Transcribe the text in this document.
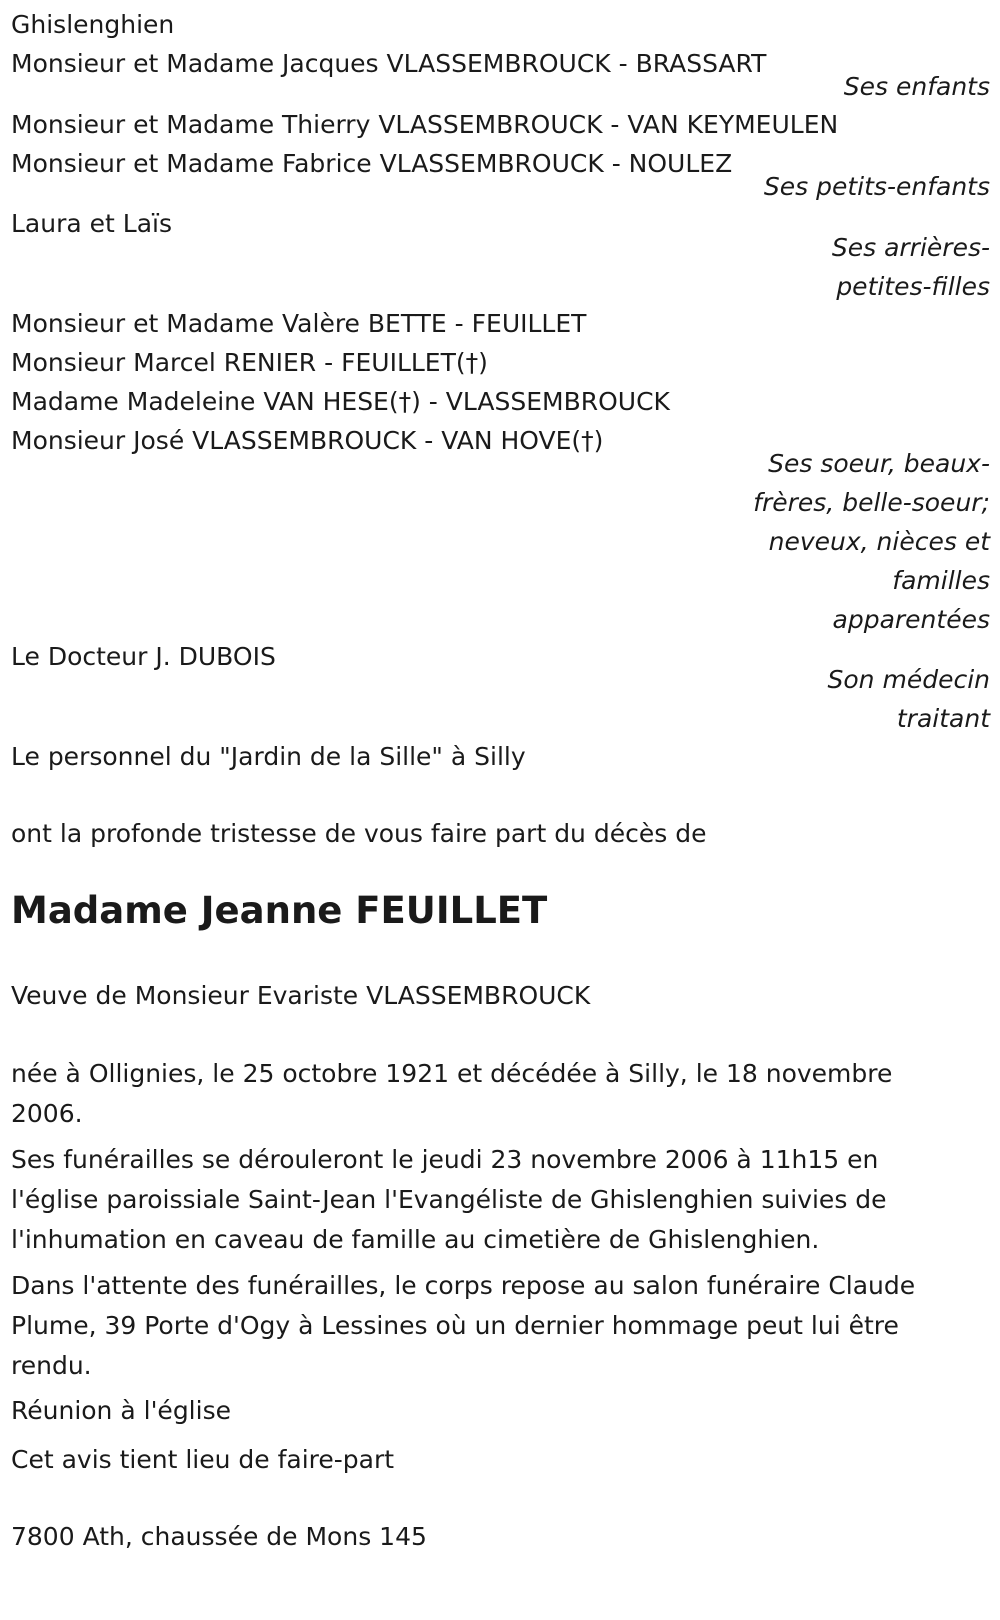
Ghislenghien
Monsieur et Madame Jacques VLASSEMBROUCK - BRASSART
Ses enfants
Monsieur et Madame Thierry VLASSEMBROUCK - VAN KEYMEULEN
Monsieur et Madame Fabrice VLASSEMBROUCK - NOULEZ
Ses petits-enfants
Laura et Laïs
Ses arrières-
petites-filles
Monsieur et Madame Valère BETTE - FEUILLET
Monsieur Marcel RENIER - FEUILLET(†)
Madame Madeleine VAN HESE(†) - VLASSEMBROUCK
Monsieur José VLASSEMBROUCK - VAN HOVE(†)
Ses soeur, beaux-
frères, belle-soeur;
neveux, nièces et
familles
apparentées
Le Docteur J. DUBOIS
Son médecin
traitant
Le personnel du "Jardin de la Sille" à Silly
ont la profonde tristesse de vous faire part du décès de
Madame Jeanne FEUILLET
Veuve de Monsieur Evariste VLASSEMBROUCK
née à Ollignies, le 25 octobre 1921 et décédée à Silly, le 18 novembre 2006.
Ses funérailles se dérouleront le jeudi 23 novembre 2006 à 11h15 en l'église paroissiale Saint-Jean l'Evangéliste de Ghislenghien suivies de l'inhumation en caveau de famille au cimetière de Ghislenghien.
Dans l'attente des funérailles, le corps repose au salon funéraire Claude Plume, 39 Porte d'Ogy à Lessines où un dernier hommage peut lui être rendu.
Réunion à l'église
Cet avis tient lieu de faire-part
7800 Ath, chaussée de Mons 145
